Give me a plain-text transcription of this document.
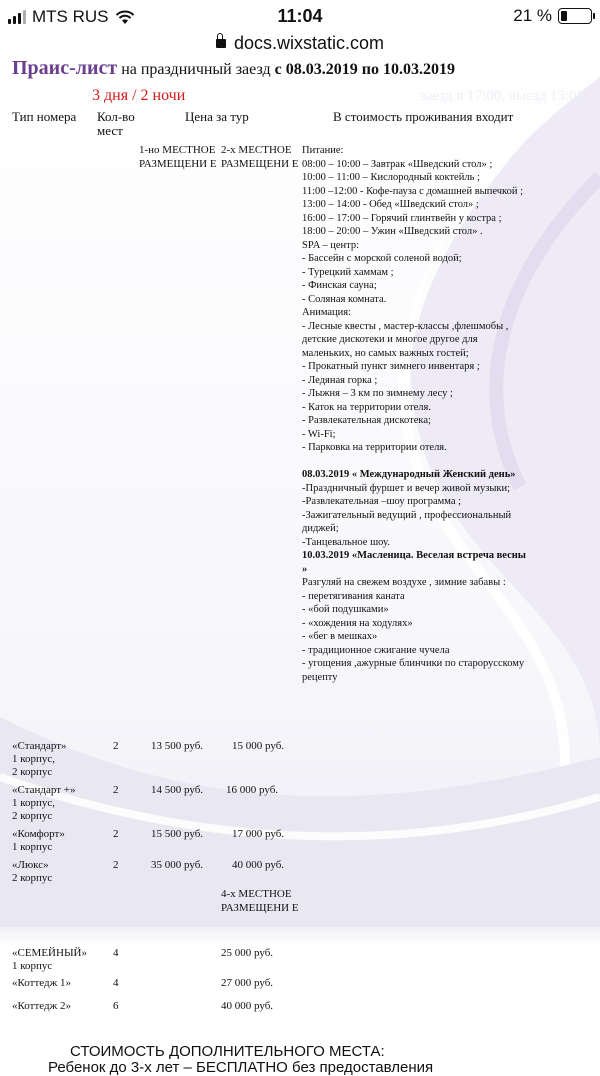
MTS RUS	11:04	21 %
docs.wixstatic.com
Праис-лист на праздничный заезд с 08.03.2019 по 10.03.2019
3 дня / 2 ночи	заезд в 17:00, выезд 15:00
Тип номера Кол-во мест
Цена за тур	В стоимость проживания входит
1-но МЕСТНОЕ РАЗМЕЩЕНИ Е
2-х МЕСТНОЕ РАЗМЕЩЕНИ Е
Питание:
08:00 – 10:00 – Завтрак «Шведский стол» ;
10:00 – 11:00 – Кислородный коктейль ;
11:00 –12:00 - Кофе-пауза с домашней выпечкой ;
13:00 – 14:00 - Обед «Шведский стол» ;
16:00 – 17:00 – Горячий глинтвейн у костра ;
18:00 – 20:00 – Ужин «Шведский стол» .
SPA – центр:
- Бассейн с морской соленой водой;
- Турецкий хаммам ;
- Финская сауна;
- Соляная комната.
Анимация:
- Лесные квесты , мастер-классы ,флешмобы ,
детские дискотеки и многое другое для
маленьких, но самых важных гостей;
- Прокатный пункт зимнего инвентаря ;
- Ледяная горка ;
- Лыжня – 3 км по зимнему лесу ;
- Каток на территории отеля.
- Развлекательная дискотека;
- Wi-Fi;
- Парковка на территории отеля.
08.03.2019 « Международный Женский день»
-Праздничный фуршет и вечер живой музыки;
-Развлекательная –шоу программа ;
-Зажигательный ведущий , профессиональный
диджей;
-Танцевальное шоу.
10.03.2019 «Масленица. Веселая встреча весны
»
Разгуляй на свежем воздухе , зимние забавы :
- перетягивания каната
- «бой подушками»
- «хождения на ходулях»
- «бег в мешках»
- традиционное сжигание чучела
- угощения ,ажурные блинчики по старорусскому
рецепту
«Стандарт»
1 корпус,
2 корпус
2	13 500 руб.	15 000 руб.
«Стандарт +»
1 корпус,
2 корпус
2	14 500 руб. 16 000 руб.
«Комфорт»
1 корпус
2	15 500 руб.	17 000 руб.
«Люкс»
2 корпус
2	35 000 руб.	40 000 руб.
4-х МЕСТНОЕ РАЗМЕЩЕНИ Е
«СЕМЕЙНЫЙ»
1 корпус
4	25 000 руб.
«Коттедж 1»	4	27 000 руб.
«Коттедж 2»	6	40 000 руб.
СТОИМОСТЬ ДОПОЛНИТЕЛЬНОГО МЕСТА:
Ребенок до 3-х лет – БЕСПЛАТНО без предоставления
